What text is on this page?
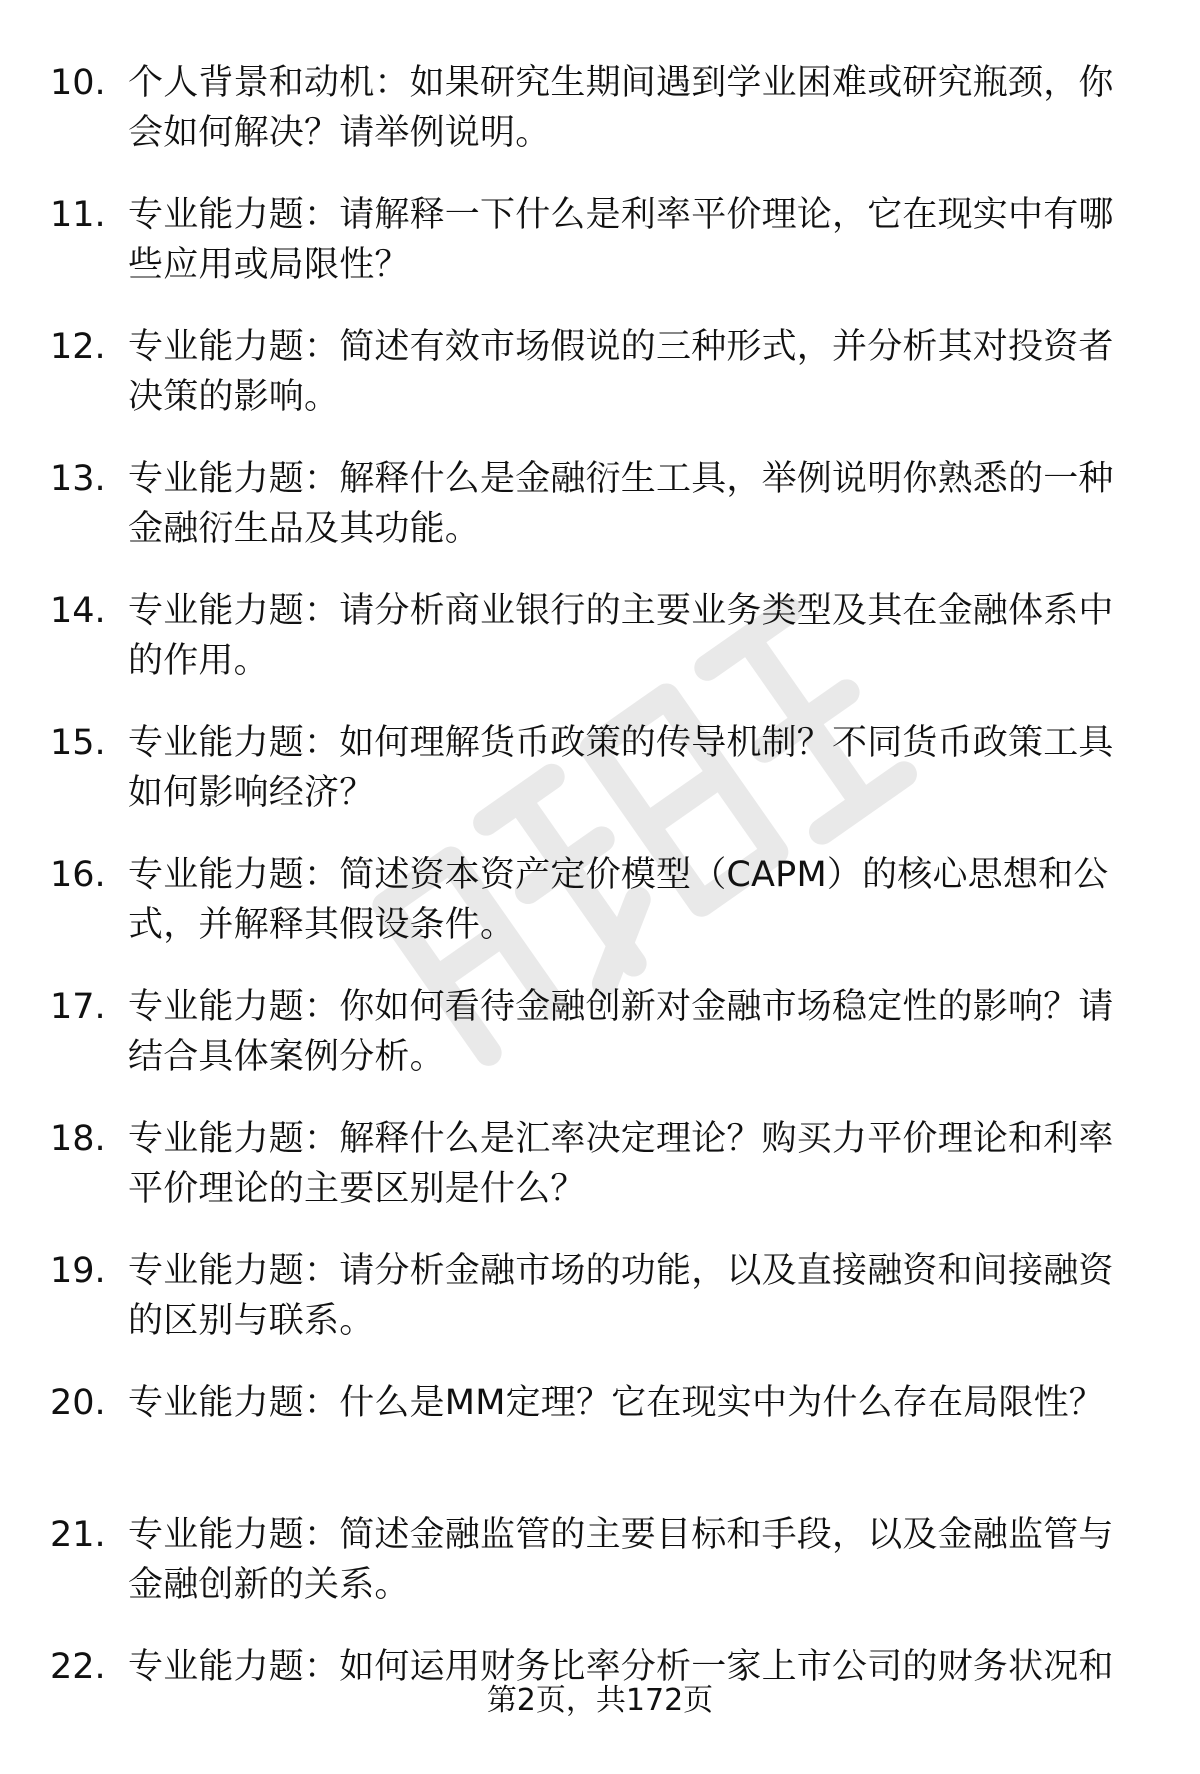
10. 个人背景和动机：如果研究生期间遇到学业困难或研究瓶颈，你会如何解决？请举例说明。
11. 专业能力题：请解释一下什么是利率平价理论，它在现实中有哪些应用或局限性？
12. 专业能力题：简述有效市场假说的三种形式，并分析其对投资者决策的影响。
13. 专业能力题：解释什么是金融衍生工具，举例说明你熟悉的一种金融衍生品及其功能。
14. 专业能力题：请分析商业银行的主要业务类型及其在金融体系中的作用。
15. 专业能力题：如何理解货币政策的传导机制？不同货币政策工具如何影响经济？
16. 专业能力题：简述资本资产定价模型（CAPM）的核心思想和公式，并解释其假设条件。
17. 专业能力题：你如何看待金融创新对金融市场稳定性的影响？请结合具体案例分析。
18. 专业能力题：解释什么是汇率决定理论？购买力平价理论和利率平价理论的主要区别是什么？
19. 专业能力题：请分析金融市场的功能，以及直接融资和间接融资的区别与联系。
20. 专业能力题：什么是MM定理？它在现实中为什么存在局限性？
21. 专业能力题：简述金融监管的主要目标和手段，以及金融监管与金融创新的关系。
22. 专业能力题：如何运用财务比率分析一家上市公司的财务状况和
第2页，共172页
